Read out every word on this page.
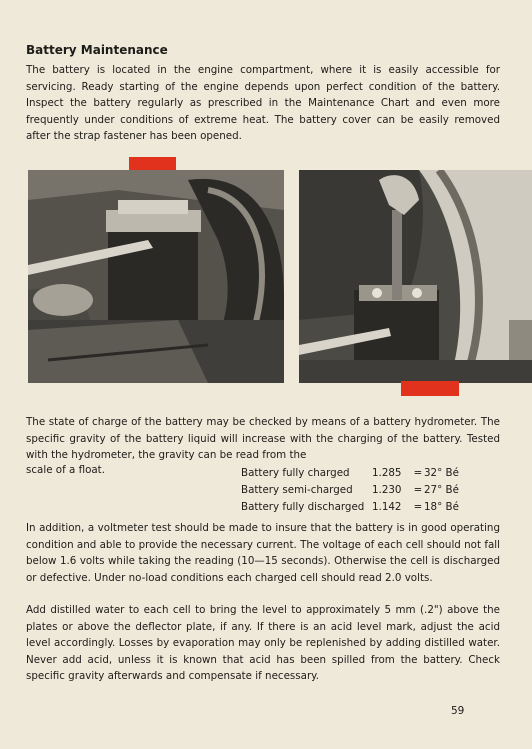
Battery Maintenance

The battery is located in the engine compartment, where it is easily accessible for servicing. Ready starting of the engine depends upon perfect condition of the battery. Inspect the battery regularly as prescribed in the Maintenance Chart and even more frequently under conditions of extreme heat. The battery cover can be easily removed after the strap fastener has been opened.

The state of charge of the battery may be checked by means of a battery hydrometer. The specific gravity of the battery liquid will increase with the charging of the battery. Tested with the hydrometer, the gravity can be read from the

scale of a float.	Battery fully charged	1.285	= 32° Bé
Battery semi-charged	1.230	= 27° Bé
Battery fully discharged 1.142	= 18° Bé

In addition, a voltmeter test should be made to insure that the battery is in good operating condition and able to provide the necessary current. The voltage of each cell should not fall below 1.6 volts while taking the reading (10—15 seconds). Otherwise the cell is discharged or defective. Under no-load conditions each charged cell should read 2.0 volts.

Add distilled water to each cell to bring the level to approximately 5 mm (.2") above the plates or above the deflector plate, if any. If there is an acid level mark, adjust the acid level accordingly. Losses by evaporation may only be replenished by adding distilled water. Never add acid, unless it is known that acid has been spilled from the battery. Check specific gravity afterwards and compensate if necessary.

59
